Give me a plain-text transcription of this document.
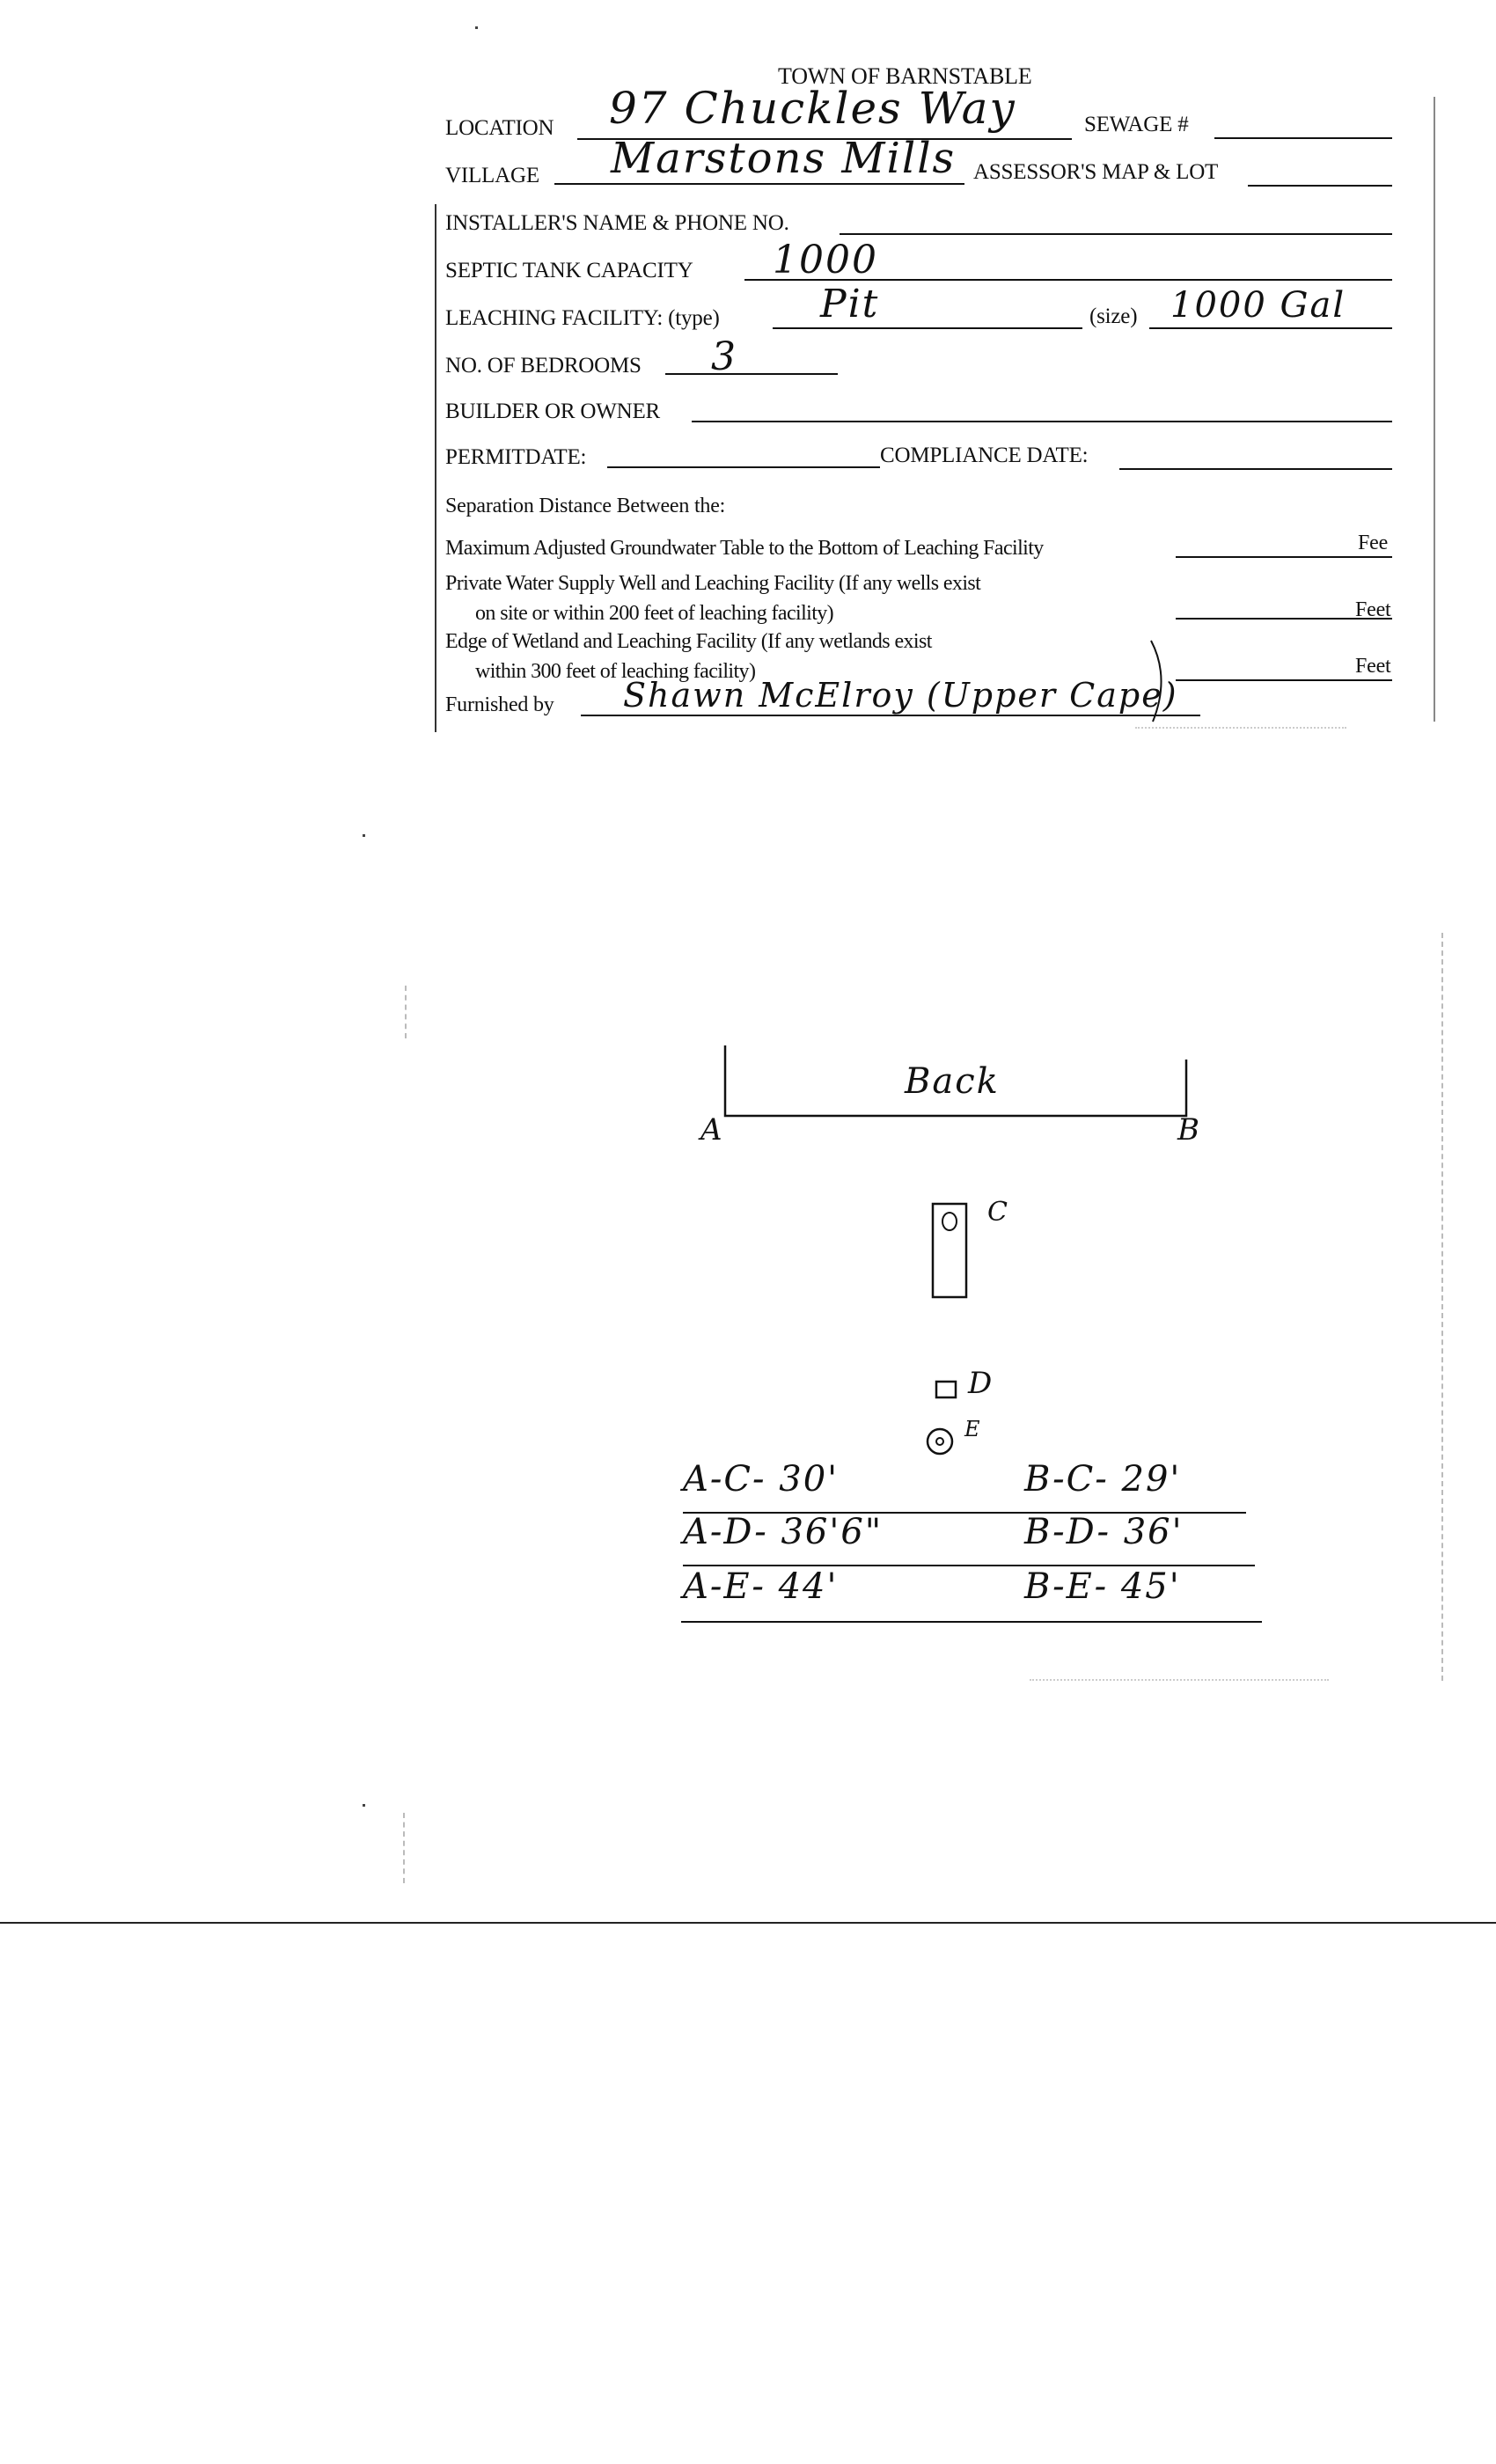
TOWN OF BARNSTABLE
LOCATION 97 Chuckles Way	SEWAGE #
VILLAGE Marstons Mills ASSESSOR'S MAP & LOT
INSTALLER'S NAME & PHONE NO.
SEPTIC TANK CAPACITY 1000
LEACHING FACILITY: (type)	Pit	(size) 1000 Gal
NO. OF BEDROOMS 3
BUILDER OR OWNER
PERMITDATE:	COMPLIANCE DATE:
Separation Distance Between the:
Maximum Adjusted Groundwater Table to the Bottom of Leaching Facility	Fee
Private Water Supply Well and Leaching Facility (If any wells exist
on site or within 200 feet of leaching facility)	Feet
Edge of Wetland and Leaching Facility (If any wetlands exist
within 300 feet of leaching facility)	Feet
Furnished by Shawn McElroy (Upper Cape)
Back
A	B
C
D
E
A-C- 30'	B-C- 29'
A-D- 36'6"	B-D- 36'
A-E- 44'	B-E- 45'
